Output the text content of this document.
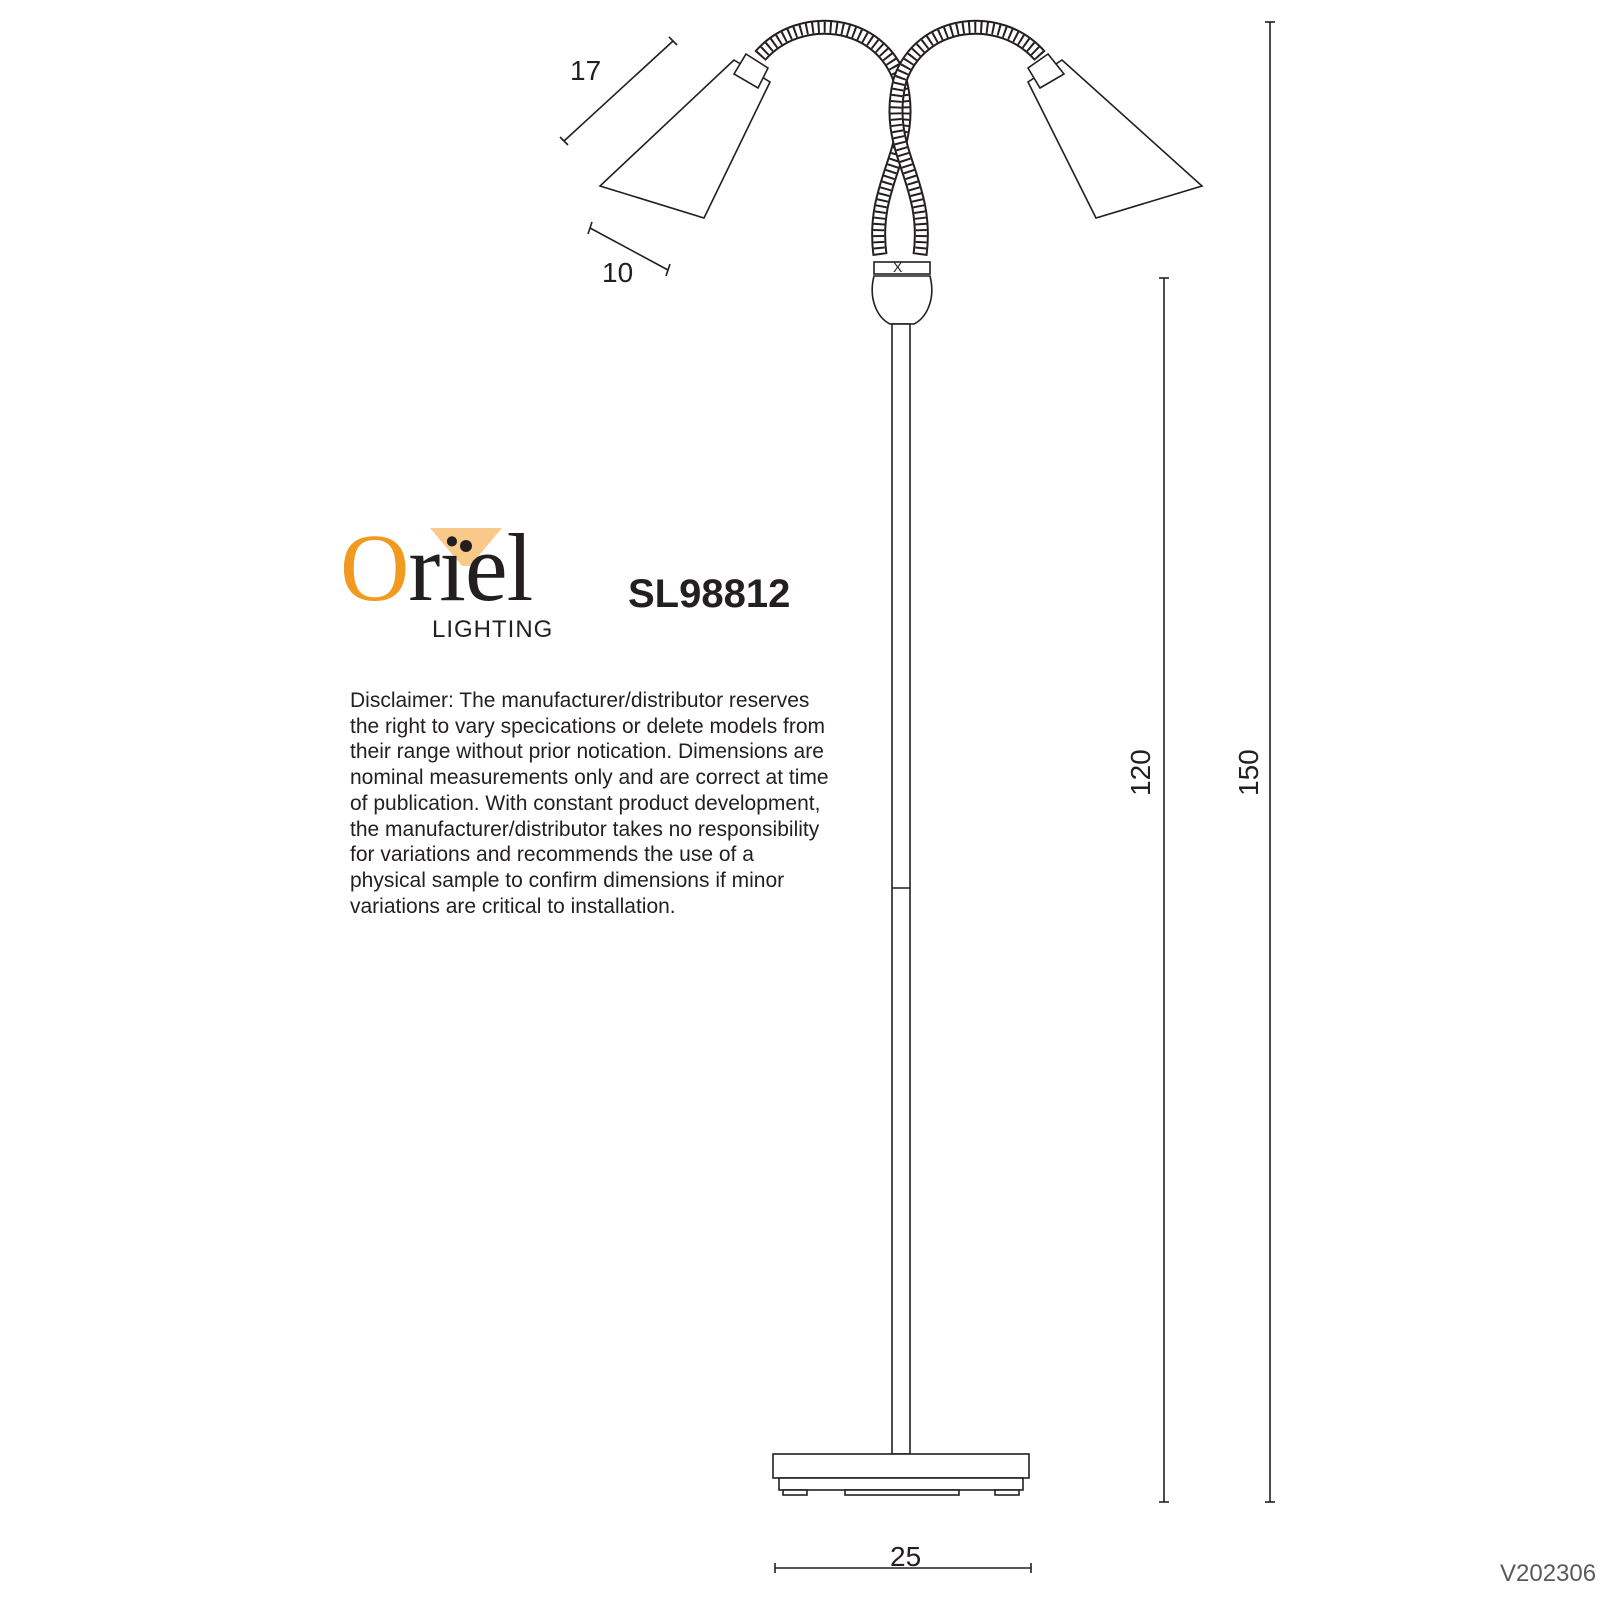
X
17
10
120	150
25
Oriel
LIGHTING
SL98812

Disclaimer: The manufacturer/distributor reserves the right to vary specications or delete models from their range without prior notication. Dimensions are nominal measurements only and are correct at time of publication. With constant product development, the manufacturer/distributor takes no responsibility for variations and recommends the use of a physical sample to confirm dimensions if minor variations are critical to installation.

V202306
